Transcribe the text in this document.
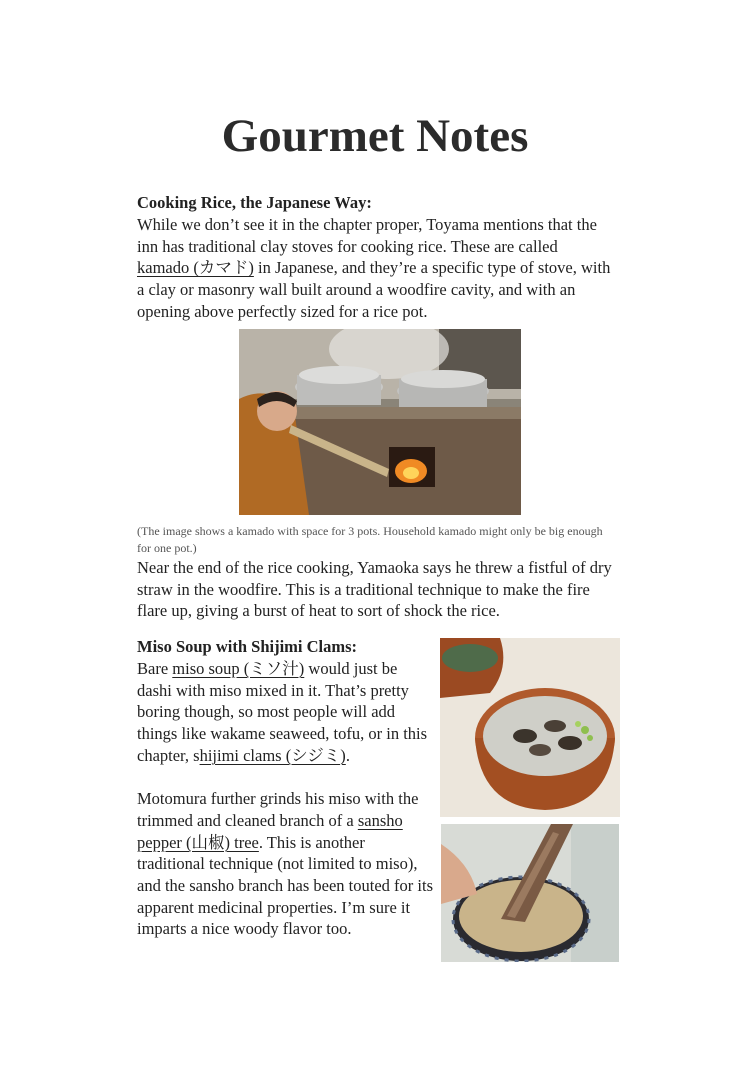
Gourmet Notes

Cooking Rice, the Japanese Way:

While we don’t see it in the chapter proper, Toyama mentions that the inn has traditional clay stoves for cooking rice. These are called kamado (カマド) in Japanese, and they’re a specific type of stove, with a clay or masonry wall built around a woodfire cavity, and with an opening above perfectly sized for a rice pot.

(The image shows a kamado with space for 3 pots. Household kamado might only be big enough for one pot.)

Near the end of the rice cooking, Yamaoka says he threw a fistful of dry straw in the woodfire. This is a traditional technique to make the fire flare up, giving a burst of heat to sort of shock the rice.

Miso Soup with Shijimi Clams:

Bare miso soup (ミソ汁) would just be dashi with miso mixed in it. That’s pretty boring though, so most people will add things like wakame seaweed, tofu, or in this chapter, shijimi clams (シジミ).

Motomura further grinds his miso with the trimmed and cleaned branch of a sansho pepper (山椒) tree. This is another traditional technique (not limited to miso), and the sansho branch has been touted for its apparent medicinal properties. I’m sure it imparts a nice woody flavor too.
